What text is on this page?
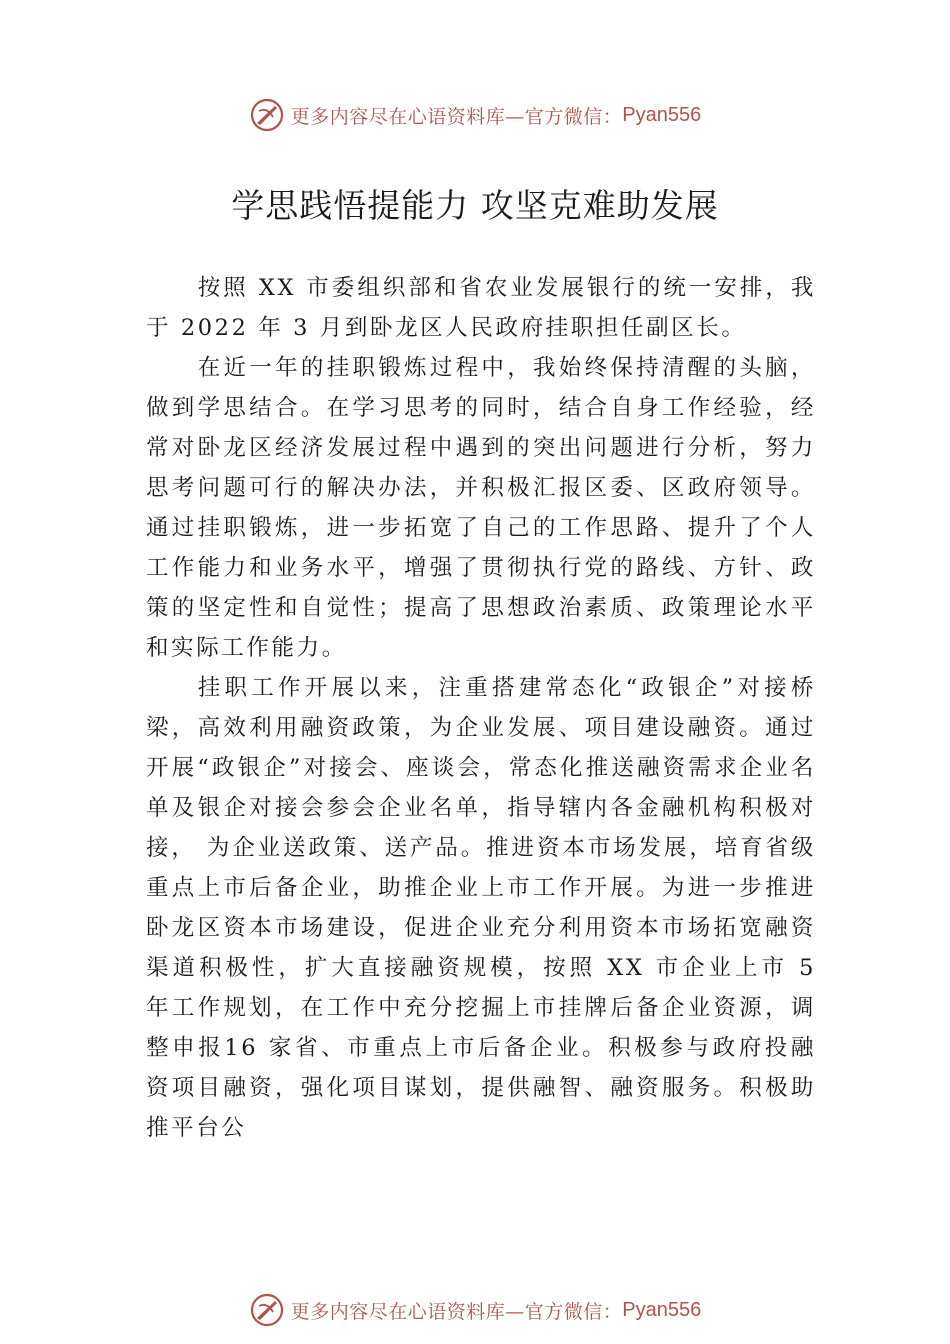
更多内容尽在心语资料库—官方微信： Pyan556
学思践悟提能力 攻坚克难助发展

按照 XX 市委组织部和省农业发展银行的统一安排，我于 2022 年 3 月到卧龙区人民政府挂职担任副区长。

在近一年的挂职锻炼过程中，我始终保持清醒的头脑，做到学思结合。在学习思考的同时，结合自身工作经验，经常对卧龙区经济发展过程中遇到的突出问题进行分析，努力思考问题可行的解决办法，并积极汇报区委、区政府领导。 通过挂职锻炼，进一步拓宽了自己的工作思路、提升了个人工作能力和业务水平，增强了贯彻执行党的路线、方针、政策的坚定性和自觉性；提高了思想政治素质、政策理论水平和实际工作能力。

挂职工作开展以来，注重搭建常态化“政银企”对接桥梁，高效利用融资政策，为企业发展、项目建设融资。通过开展“政银企”对接会、座谈会，常态化推送融资需求企业名单及银企对接会参会企业名单，指导辖内各金融机构积极对接， 为企业送政策、送产品。推进资本市场发展，培育省级重点上市后备企业，助推企业上市工作开展。为进一步推进卧龙区资本市场建设，促进企业充分利用资本市场拓宽融资渠道积极性，扩大直接融资规模，按照 XX 市企业上市 5 年工作规划，在工作中充分挖掘上市挂牌后备企业资源，调整申报16 家省、市重点上市后备企业。积极参与政府投融资项目融资，强化项目谋划，提供融智、融资服务。积极助推平台公

更多内容尽在心语资料库—官方微信： Pyan556
